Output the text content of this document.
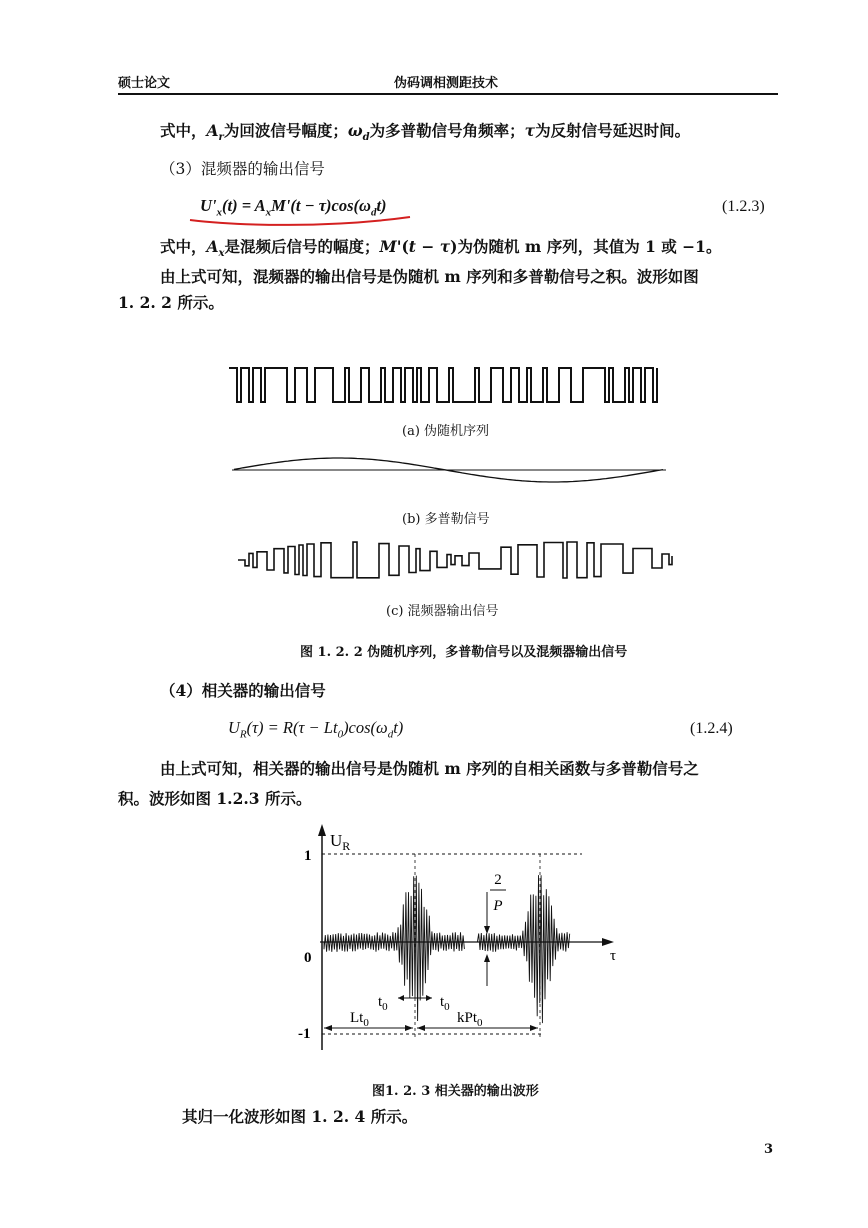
硕士论文	伪码调相测距技术
式中，$A_r$为回波信号幅度；$\omega_d$为多普勒信号角频率；τ为反射信号延迟时间。
（3）混频器的输出信号
$U'_x(t) = A_xM'(t - \tau)\cos(\omega_dt)$	(1.2.3)
式中，$A_x$是混频后信号的幅度；M'(t − τ)为伪随机 m 序列，其值为 1 或 −1。
由上式可知，混频器的输出信号是伪随机 m 序列和多普勒信号之积。波形如图
1. 2. 2 所示。
(a) 伪随机序列
(b) 多普勒信号
(c) 混频器输出信号
图 1. 2. 2 伪随机序列，多普勒信号以及混频器输出信号
（4）相关器的输出信号
$U_R(\tau) = R(\tau - Lt_0)\cos(\omega_dt)$	(1.2.4)
由上式可知，相关器的输出信号是伪随机 m 序列的自相关函数与多普勒信号之
积。波形如图 1.2.3 所示。
2
P
$U_R$
1
0
-1
τ
$t_0$	$t_0$
$Lt_0$	kPt$_0$
图1. 2. 3 相关器的输出波形
其归一化波形如图 1. 2. 4 所示。
3
